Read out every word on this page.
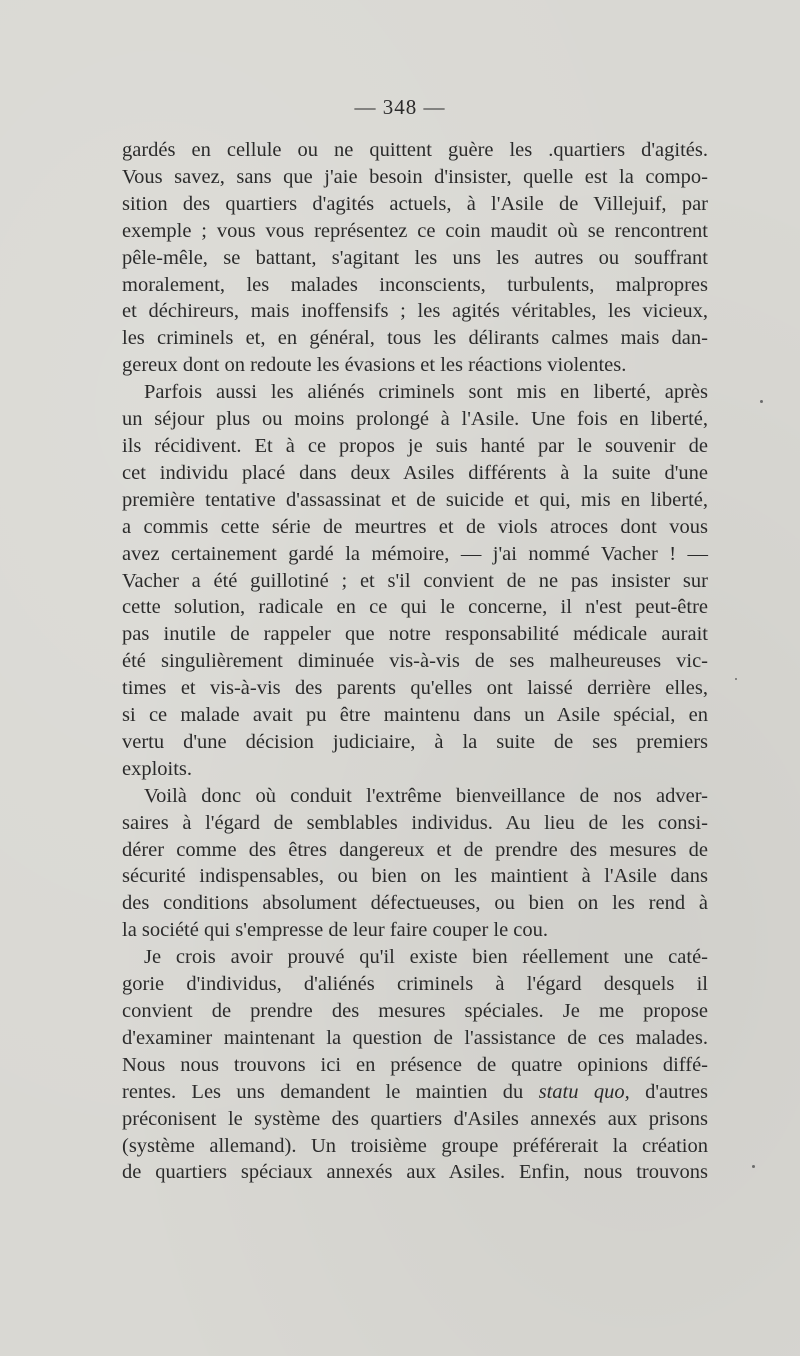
— 348 —
gardés en cellule ou ne quittent guère les .quartiers d'agités.
Vous savez, sans que j'aie besoin d'insister, quelle est la compo-
sition des quartiers d'agités actuels, à l'Asile de Villejuif, par
exemple ; vous vous représentez ce coin maudit où se rencontrent
pêle-mêle, se battant, s'agitant les uns les autres ou souffrant
moralement, les malades inconscients, turbulents, malpropres
et déchireurs, mais inoffensifs ; les agités véritables, les vicieux,
les criminels et, en général, tous les délirants calmes mais dan-
gereux dont on redoute les évasions et les réactions violentes.
Parfois aussi les aliénés criminels sont mis en liberté, après
un séjour plus ou moins prolongé à l'Asile. Une fois en liberté,
ils récidivent. Et à ce propos je suis hanté par le souvenir de
cet individu placé dans deux Asiles différents à la suite d'une
première tentative d'assassinat et de suicide et qui, mis en liberté,
a commis cette série de meurtres et de viols atroces dont vous
avez certainement gardé la mémoire, — j'ai nommé Vacher ! —
Vacher a été guillotiné ; et s'il convient de ne pas insister sur
cette solution, radicale en ce qui le concerne, il n'est peut-être
pas inutile de rappeler que notre responsabilité médicale aurait
été singulièrement diminuée vis-à-vis de ses malheureuses vic-
times et vis-à-vis des parents qu'elles ont laissé derrière elles,
si ce malade avait pu être maintenu dans un Asile spécial, en
vertu d'une décision judiciaire, à la suite de ses premiers
exploits.
Voilà donc où conduit l'extrême bienveillance de nos adver-
saires à l'égard de semblables individus. Au lieu de les consi-
dérer comme des êtres dangereux et de prendre des mesures de
sécurité indispensables, ou bien on les maintient à l'Asile dans
des conditions absolument défectueuses, ou bien on les rend à
la société qui s'empresse de leur faire couper le cou.
Je crois avoir prouvé qu'il existe bien réellement une caté-
gorie d'individus, d'aliénés criminels à l'égard desquels il
convient de prendre des mesures spéciales. Je me propose
d'examiner maintenant la question de l'assistance de ces malades.
Nous nous trouvons ici en présence de quatre opinions diffé-
rentes. Les uns demandent le maintien du statu quo, d'autres
préconisent le système des quartiers d'Asiles annexés aux prisons
(système allemand). Un troisième groupe préférerait la création
de quartiers spéciaux annexés aux Asiles. Enfin, nous trouvons
